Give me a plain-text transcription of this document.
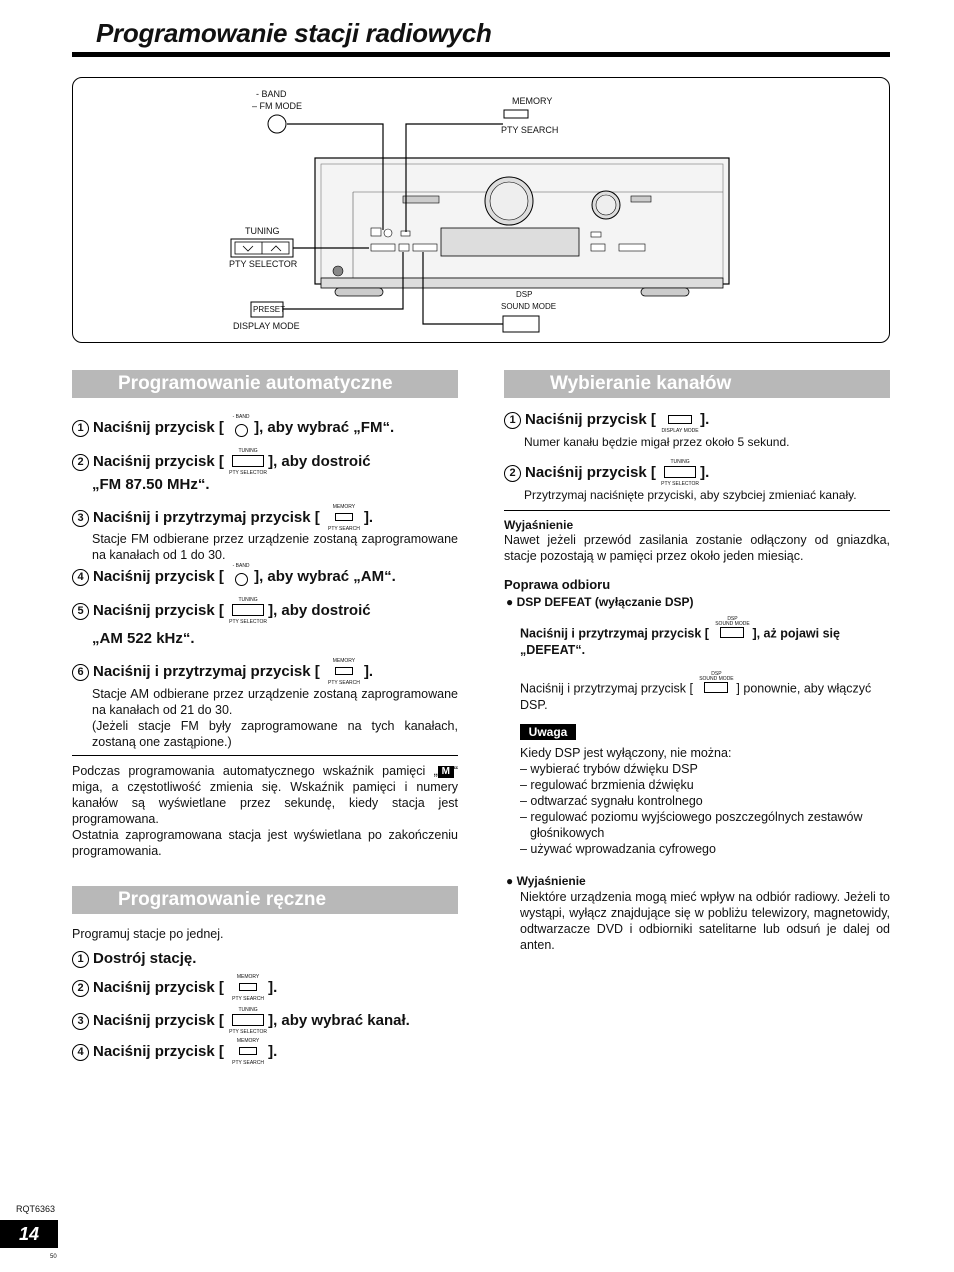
Programowanie stacji radiowych
- BAND
– FM MODE	MEMORY
PTY SEARCH
TUNING
PTY SELECTOR
PRESET
DISPLAY MODE
DSP
SOUND MODE
Programowanie automatyczne
1 Naciśnij przycisk [
- BAND
], aby wybrać „FM“.
2 Naciśnij przycisk [
TUNING
PTY SELECTOR
], aby dostroić
„FM 87.50 MHz“.
3 Naciśnij i przytrzymaj przycisk [
MEMORY
PTY SEARCH
].
Stacje FM odbierane przez urządzenie zostaną zaprogramowane na kanałach od 1 do 30.
4 Naciśnij przycisk [
- BAND
], aby wybrać „AM“.
5 Naciśnij przycisk [
TUNING
PTY SELECTOR
], aby dostroić
„AM 522 kHz“.
6 Naciśnij i przytrzymaj przycisk [
MEMORY
PTY SEARCH
].
Stacje AM odbierane przez urządzenie zostaną zaprogramowane na kanałach od 21 do 30.
(Jeżeli stacje FM były zaprogramowane na tych kanałach, zostaną one zastąpione.)
Podczas programowania automatycznego wskaźnik pamięci „ M “ miga, a częstotliwość zmienia się. Wskaźnik pamięci i numery kanałów są wyświetlane przez sekundę, kiedy stacja jest programowana.
Ostatnia zaprogramowana stacja jest wyświetlana po zakończeniu programowania.
Programowanie ręczne
Programuj stacje po jednej.
1 Dostrój stację.
2 Naciśnij przycisk [
MEMORY
PTY SEARCH
].
3 Naciśnij przycisk [
TUNING
PTY SELECTOR
], aby wybrać kanał.
4 Naciśnij przycisk [
MEMORY
PTY SEARCH
].
Wybieranie kanałów
1 Naciśnij przycisk [
DISPLAY MODE
].
Numer kanału będzie migał przez około 5 sekund.
2 Naciśnij przycisk [
TUNING
PTY SELECTOR
].
Przytrzymaj naciśnięte przyciski, aby szybciej zmieniać kanały.
Wyjaśnienie
Nawet jeżeli przewód zasilania zostanie odłączony od gniazdka, stacje pozostają w pamięci przez około jeden miesiąc.
Poprawa odbioru
● DSP DEFEAT (wyłączanie DSP)
Naciśnij i przytrzymaj przycisk [
DSP
SOUND MODE
], aż pojawi się
„DEFEAT“.
Naciśnij i przytrzymaj przycisk [
DSP
SOUND MODE
] ponownie, aby włączyć
DSP.
Uwaga
Kiedy DSP jest wyłączony, nie można:
– wybierać trybów dźwięku DSP
– regulować brzmienia dźwięku
– odtwarzać sygnału kontrolnego
– regulować poziomu wyjściowego poszczególnych zestawów
głośnikowych
– używać wprowadzania cyfrowego
● Wyjaśnienie
Niektóre urządzenia mogą mieć wpływ na odbiór radiowy. Jeżeli to wystąpi, wyłącz znajdujące się w pobliżu telewizory, magnetowidy, odtwarzacze DVD i odbiorniki satelitarne lub odsuń je dalej od anten.
RQT6363
14
50
